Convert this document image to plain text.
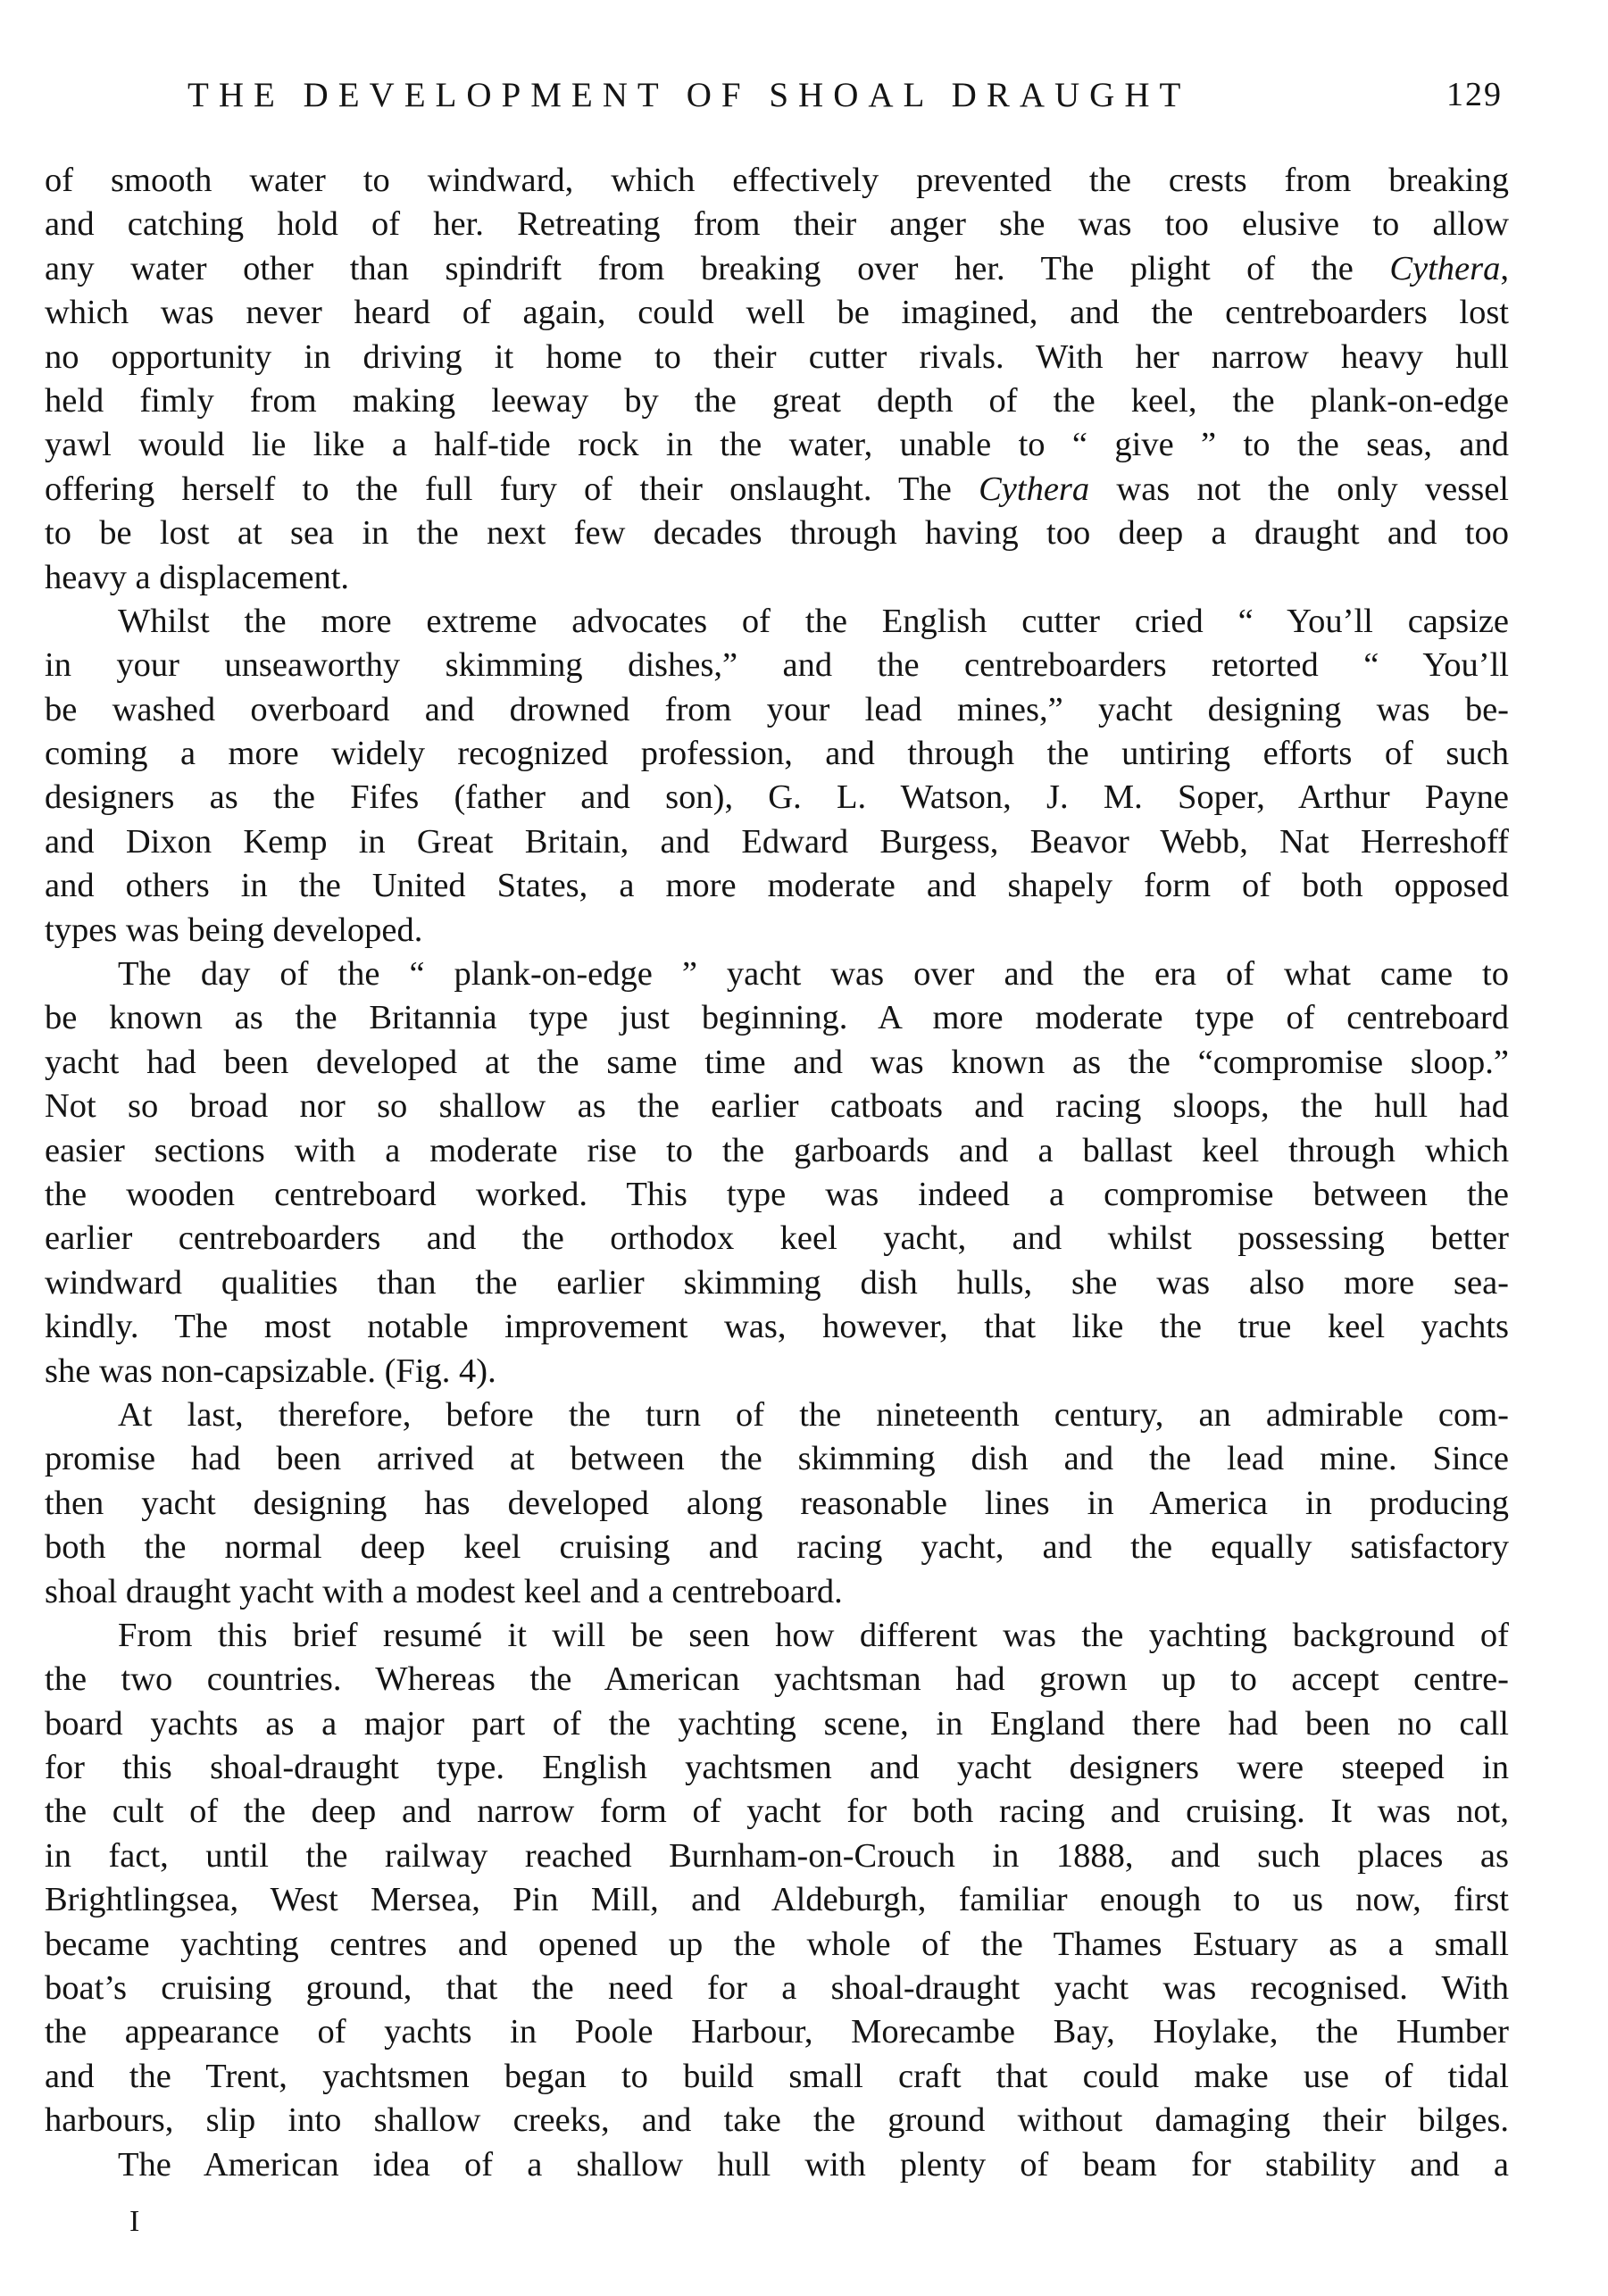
THE DEVELOPMENT OF SHOAL DRAUGHT	129
of smooth water to windward, which effectively prevented the crests from breaking
and catching hold of her. Retreating from their anger she was too elusive to allow
any water other than spindrift from breaking over her. The plight of the Cythera,
which was never heard of again, could well be imagined, and the centreboarders lost
no opportunity in driving it home to their cutter rivals. With her narrow heavy hull
held fimly from making leeway by the great depth of the keel, the plank-on-edge
yawl would lie like a half-tide rock in the water, unable to “ give ” to the seas, and
offering herself to the full fury of their onslaught. The Cythera was not the only vessel
to be lost at sea in the next few decades through having too deep a draught and too
heavy a displacement.
Whilst the more extreme advocates of the English cutter cried “ You’ll capsize
in your unseaworthy skimming dishes,” and the centreboarders retorted “ You’ll
be washed overboard and drowned from your lead mines,” yacht designing was be-
coming a more widely recognized profession, and through the untiring efforts of such
designers as the Fifes (father and son), G. L. Watson, J. M. Soper, Arthur Payne
and Dixon Kemp in Great Britain, and Edward Burgess, Beavor Webb, Nat Herreshoff
and others in the United States, a more moderate and shapely form of both opposed
types was being developed.
The day of the “ plank-on-edge ” yacht was over and the era of what came to
be known as the Britannia type just beginning. A more moderate type of centreboard
yacht had been developed at the same time and was known as the “compromise sloop.”
Not so broad nor so shallow as the earlier catboats and racing sloops, the hull had
easier sections with a moderate rise to the garboards and a ballast keel through which
the wooden centreboard worked. This type was indeed a compromise between the
earlier centreboarders and the orthodox keel yacht, and whilst possessing better
windward qualities than the earlier skimming dish hulls, she was also more sea-
kindly. The most notable improvement was, however, that like the true keel yachts
she was non-capsizable. (Fig. 4).
At last, therefore, before the turn of the nineteenth century, an admirable com-
promise had been arrived at between the skimming dish and the lead mine. Since
then yacht designing has developed along reasonable lines in America in producing
both the normal deep keel cruising and racing yacht, and the equally satisfactory
shoal draught yacht with a modest keel and a centreboard.
From this brief resumé it will be seen how different was the yachting background of
the two countries. Whereas the American yachtsman had grown up to accept centre-
board yachts as a major part of the yachting scene, in England there had been no call
for this shoal-draught type. English yachtsmen and yacht designers were steeped in
the cult of the deep and narrow form of yacht for both racing and cruising. It was not,
in fact, until the railway reached Burnham-on-Crouch in 1888, and such places as
Brightlingsea, West Mersea, Pin Mill, and Aldeburgh, familiar enough to us now, first
became yachting centres and opened up the whole of the Thames Estuary as a small
boat’s cruising ground, that the need for a shoal-draught yacht was recognised. With
the appearance of yachts in Poole Harbour, Morecambe Bay, Hoylake, the Humber
and the Trent, yachtsmen began to build small craft that could make use of tidal
harbours, slip into shallow creeks, and take the ground without damaging their bilges.
The American idea of a shallow hull with plenty of beam for stability and a
I
